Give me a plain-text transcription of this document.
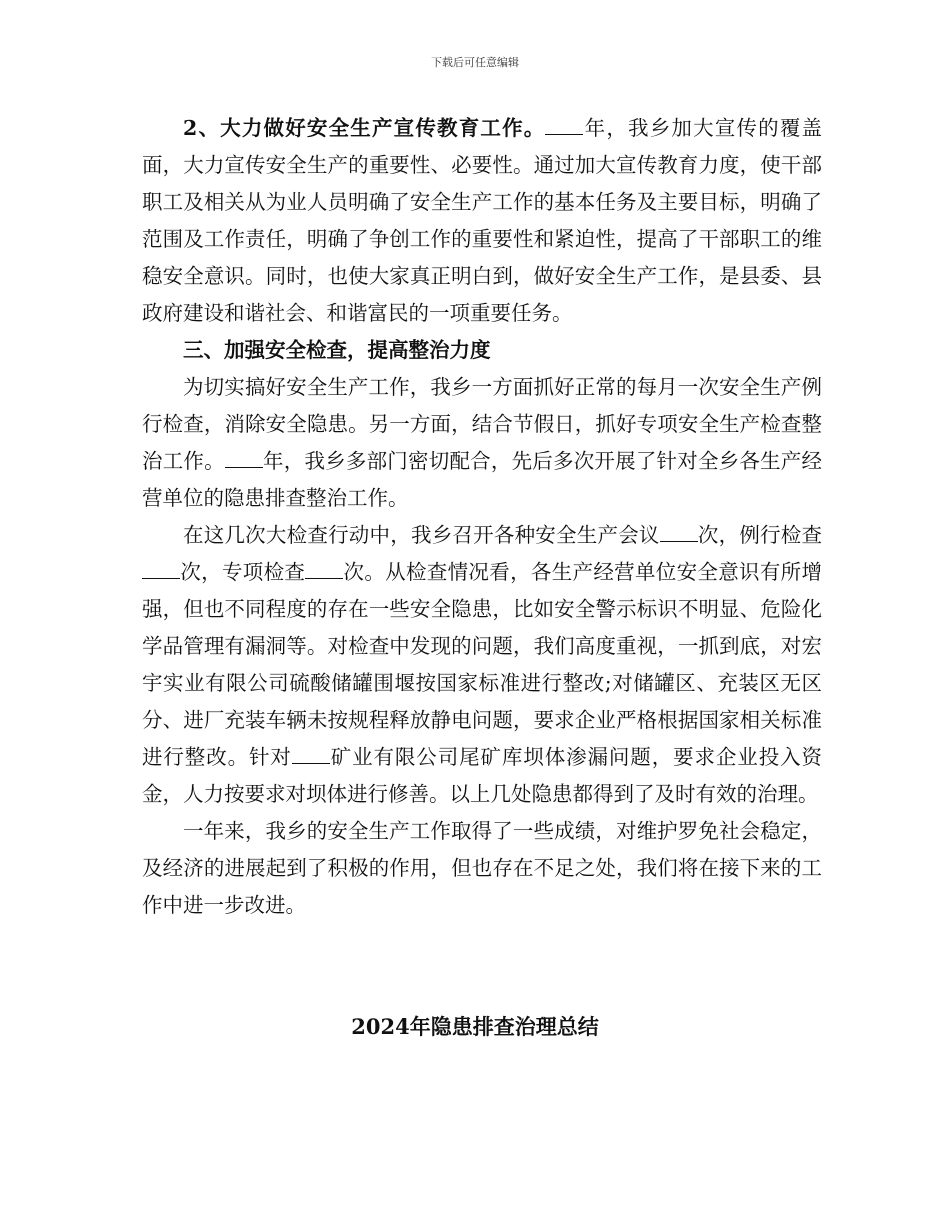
下载后可任意编辑

2、大力做好安全生产宣传教育工作。 年，我乡加大宣传的覆盖面，大力宣传安全生产的重要性、必要性。通过加大宣传教育力度，使干部职工及相关从为业人员明确了安全生产工作的基本任务及主要目标，明确了范围及工作责任，明确了争创工作的重要性和紧迫性，提高了干部职工的维稳安全意识。同时，也使大家真正明白到，做好安全生产工作，是县委、县政府建设和谐社会、和谐富民的一项重要任务。

三、加强安全检查，提高整治力度

为切实搞好安全生产工作，我乡一方面抓好正常的每月一次安全生产例行检查，消除安全隐患。另一方面，结合节假日，抓好专项安全生产检查整治工作。 年，我乡多部门密切配合，先后多次开展了针对全乡各生产经营单位的隐患排查整治工作。

在这几次大检查行动中，我乡召开各种安全生产会议 次，例行检查次，专项检查 次。从检查情况看，各生产经营单位安全意识有所增强，但也不同程度的存在一些安全隐患，比如安全警示标识不明显、危险化学品管理有漏洞等。对检查中发现的问题，我们高度重视，一抓到底，对宏宇实业有限公司硫酸储罐围堰按国家标准进行整改;对储罐区、充装区无区分、进厂充装车辆未按规程释放静电问题，要求企业严格根据国家相关标准进行整改。针对 矿业有限公司尾矿库坝体渗漏问题，要求企业投入资金，人力按要求对坝体进行修善。以上几处隐患都得到了及时有效的治理。

一年来，我乡的安全生产工作取得了一些成绩，对维护罗免社会稳定，及经济的进展起到了积极的作用，但也存在不足之处，我们将在接下来的工作中进一步改进。

2024年隐患排查治理总结
